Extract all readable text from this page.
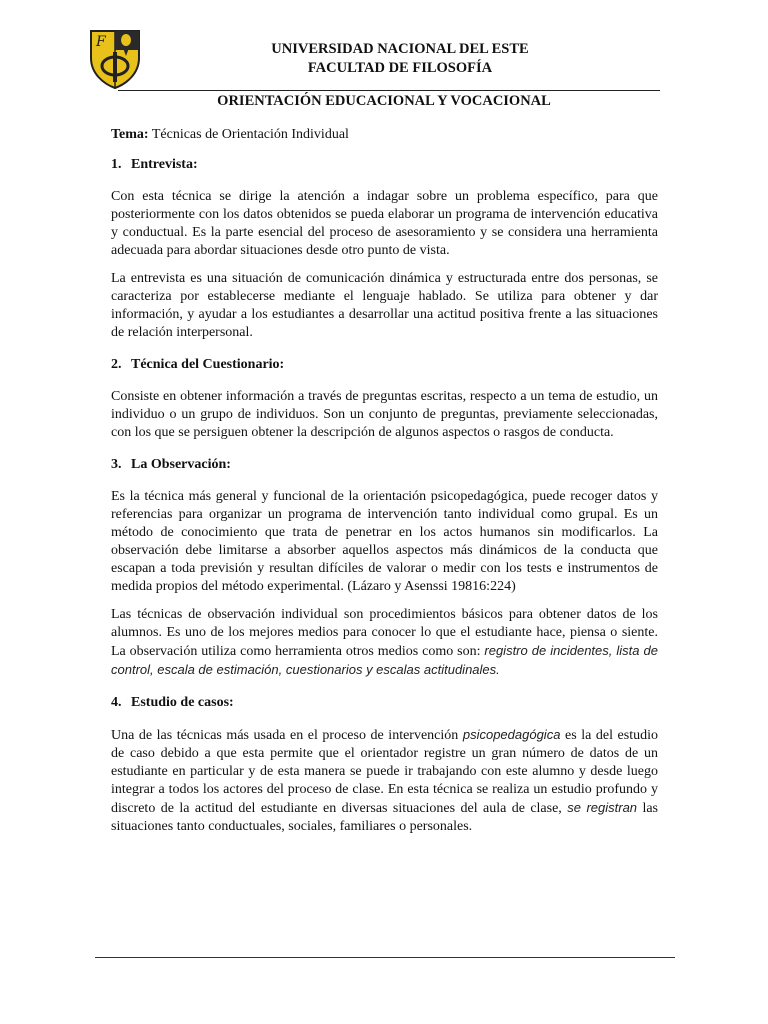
F	UNIVERSIDAD NACIONAL DEL ESTE
FACULTAD DE FILOSOFÍA
ORIENTACIÓN EDUCACIONAL Y VOCACIONAL
Tema: Técnicas de Orientación Individual
1. Entrevista:

Con esta técnica se dirige la atención a indagar sobre un problema específico, para que posteriormente con los datos obtenidos se pueda elaborar un programa de intervención educativa y conductual. Es la parte esencial del proceso de asesoramiento y se considera una herramienta adecuada para abordar situaciones desde otro punto de vista.

La entrevista es una situación de comunicación dinámica y estructurada entre dos personas, se caracteriza por establecerse mediante el lenguaje hablado. Se utiliza para obtener y dar información, y ayudar a los estudiantes a desarrollar una actitud positiva frente a las situaciones de relación interpersonal.

2. Técnica del Cuestionario:

Consiste en obtener información a través de preguntas escritas, respecto a un tema de estudio, un individuo o un grupo de individuos. Son un conjunto de preguntas, previamente seleccionadas, con los que se persiguen obtener la descripción de algunos aspectos o rasgos de conducta.

3. La Observación:

Es la técnica más general y funcional de la orientación psicopedagógica, puede recoger datos y referencias para organizar un programa de intervención tanto individual como grupal. Es un método de conocimiento que trata de penetrar en los actos humanos sin modificarlos. La observación debe limitarse a absorber aquellos aspectos más dinámicos de la conducta que escapan a toda previsión y resultan difíciles de valorar o medir con los tests e instrumentos de medida propios del método experimental. (Lázaro y Asenssi 19816:224)

Las técnicas de observación individual son procedimientos básicos para obtener datos de los alumnos. Es uno de los mejores medios para conocer lo que el estudiante hace, piensa o siente. La observación utiliza como herramienta otros medios como son: registro de incidentes, lista de control, escala de estimación, cuestionarios y escalas actitudinales.

4. Estudio de casos:

Una de las técnicas más usada en el proceso de intervención psicopedagógica es la del estudio de caso debido a que esta permite que el orientador registre un gran número de datos de un estudiante en particular y de esta manera se puede ir trabajando con este alumno y desde luego integrar a todos los actores del proceso de clase. En esta técnica se realiza un estudio profundo y discreto de la actitud del estudiante en diversas situaciones del aula de clase, se registran las situaciones tanto conductuales, sociales, familiares o personales.
